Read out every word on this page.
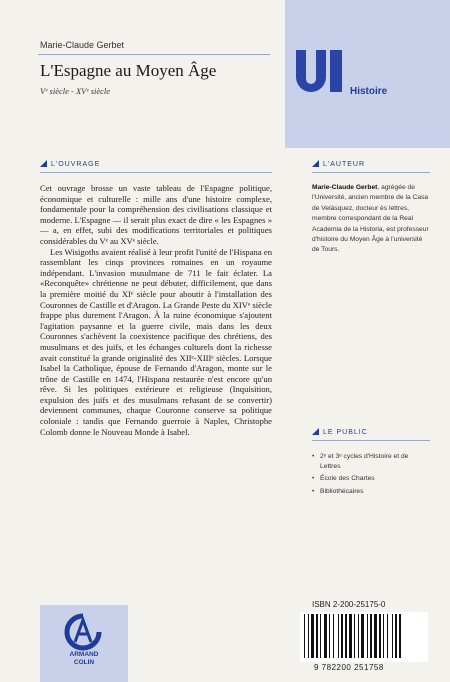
Marie-Claude Gerbet
L'Espagne au Moyen Âge
Vᵉ siècle - XVᵉ siècle	Histoire
L'OUVRAGE

Cet ouvrage brosse un vaste tableau de l'Espagne politique, économique et culturelle : mille ans d'une histoire complexe, fondamentale pour la compréhension des civilisations classique et moderne. L'Espagne — il serait plus exact de dire « les Espagnes » — a, en effet, subi des modifications territoriales et politiques considérables du Vᵉ au XVᵉ siècle.

Les Wisigoths avaient réalisé à leur profit l'unité de l'Hispana en rassemblant les cinqs provinces romaines en un royaume indépendant. L'invasion musulmane de 711 le fait éclater. La «Reconquête» chrétienne ne peut débuter, difficilement, que dans la première moitié du XIᵉ siècle pour aboutir à l'installation des Couronnes de Castille et d'Aragon. La Grande Peste du XIVᵉ siècle frappe plus durement l'Aragon. À la ruine économique s'ajoutent l'agitation paysanne et la guerre civile, mais dans les deux Couronnes s'achèvent la coexistence pacifique des chrétiens, des musulmans et des juifs, et les échanges culturels dont la richesse avait constitué la grande originalité des XIIᵉ-XIIIᵉ siècles. Lorsque Isabel la Catholique, épouse de Fernando d'Aragon, monte sur le trône de Castille en 1474, l'Hispana restaurée n'est encore qu'un rêve. Si les politiques extérieure et religieuse (Inquisition, expulsion des juifs et des musulmans refusant de se convertir) deviennent communes, chaque Couronne conserve sa politique coloniale : tandis que Fernando guerroie à Naples, Christophe Colomb donne le Nouveau Monde à Isabel.

L'AUTEUR
Marie-Claude Gerbet, agrégée de l'Université, ancien membre de la Casa de Velàsquez, docteur ès lettres, membre correspondant de la Real Academia de la Historia, est professeur d'histoire du Moyen Âge à l'université de Tours.
LE PUBLIC
• 2ᵉ et 3ᵉ cycles d'Histoire et de Lettres
• École des Chartes
• Bibliothécaires
ARMAND
COLIN
ISBN 2-200-25175-0
9 782200 251758
